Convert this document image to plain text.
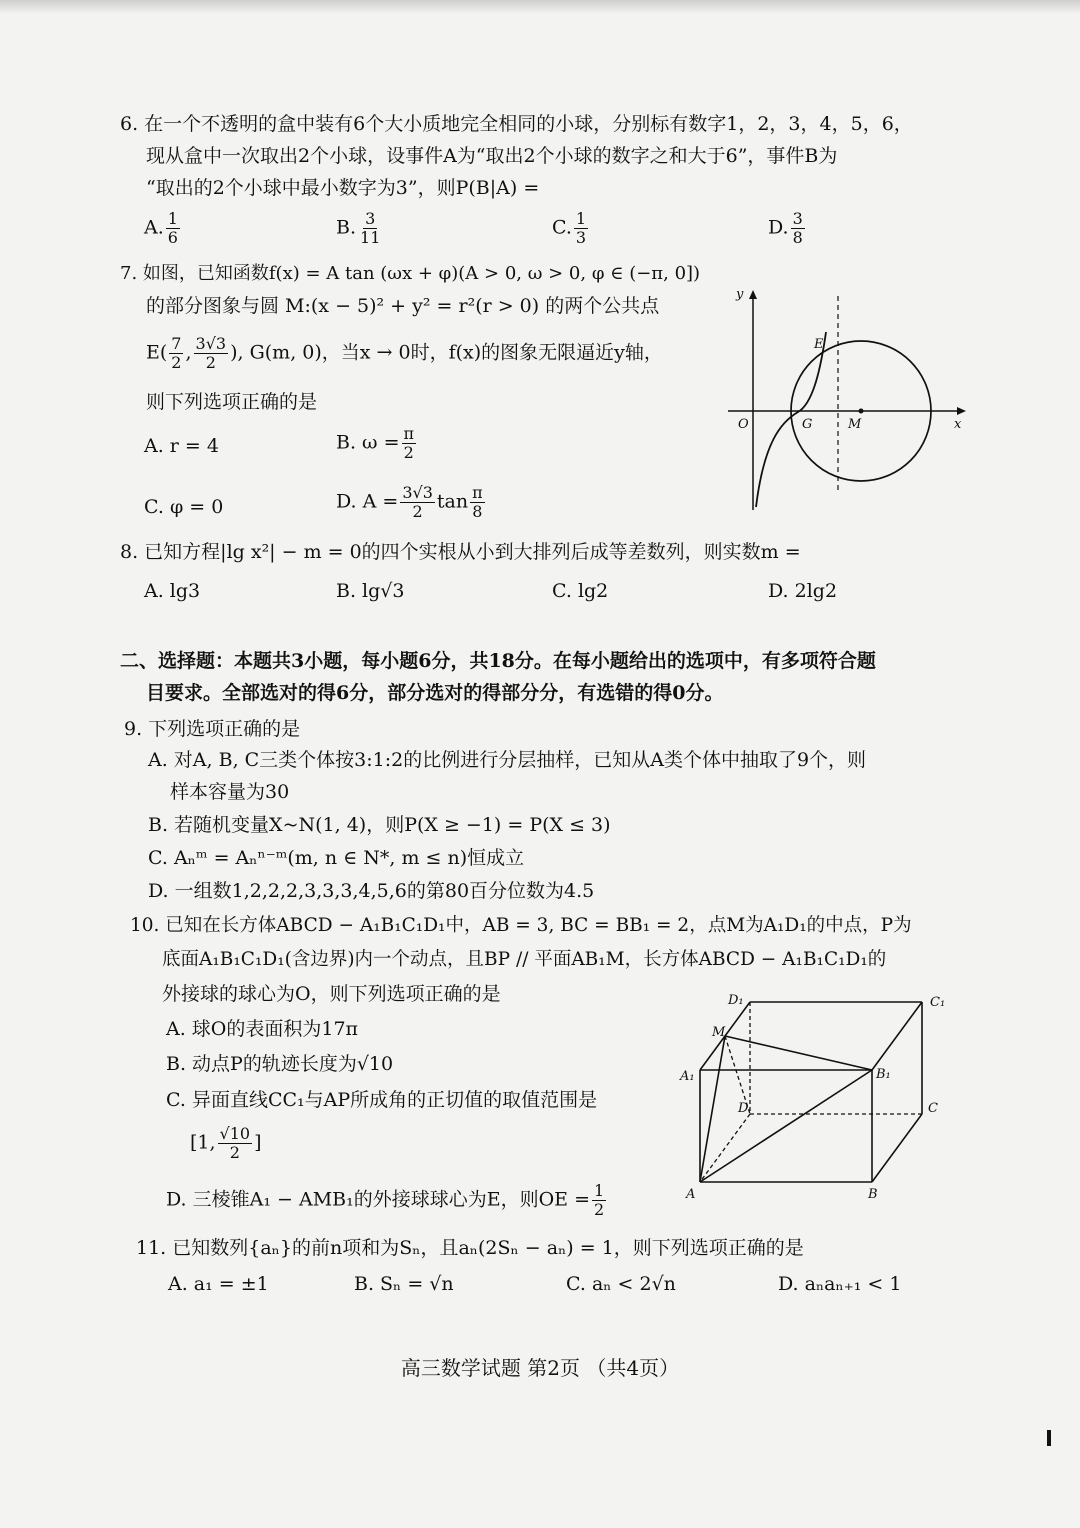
6. 在一个不透明的盒中装有6个大小质地完全相同的小球，分别标有数字1，2，3，4，5，6，
现从盒中一次取出2个小球，设事件A为“取出2个小球的数字之和大于6”，事件B为
“取出的2个小球中最小数字为3”，则P(B|A) =
A. $\frac{1}{6}$	B. $\frac{3}{11}$	C. $\frac{1}{3}$	D. $\frac{3}{8}$
7. 如图，已知函数f(x) = A tan (ωx + φ)(A > 0, ω > 0, φ ∈ (−π, 0])
的部分图象与圆 M:(x − 5)² + y² = r²(r > 0) 的两个公共点
$E( \frac{7}{2}$ , $\frac{3√3}{2}$ ), G(m, 0)，当x → 0时，f(x)的图象无限逼近y轴，
则下列选项正确的是
A. r = 4	B. $\omega = \frac{\pi}{2}$
C. φ = 0	D. $A = \frac{3√3}{2}$ $\tan \frac{\pi}{8}$
y
x
O	G	M
E
8. 已知方程|lg x²| − m = 0的四个实根从小到大排列后成等差数列，则实数m =
A. lg3	B. lg√3	C. lg2	D. 2lg2
二、选择题：本题共3小题，每小题6分，共18分。在每小题给出的选项中，有多项符合题
目要求。全部选对的得6分，部分选对的得部分分，有选错的得0分。
9. 下列选项正确的是
A. 对A, B, C三类个体按3:1:2的比例进行分层抽样，已知从A类个体中抽取了9个，则
样本容量为30
B. 若随机变量X~N(1, 4)，则P(X ≥ −1) = P(X ≤ 3)
C. Aₙᵐ = Aₙⁿ⁻ᵐ(m, n ∈ N*, m ≤ n)恒成立
D. 一组数1,2,2,2,3,3,3,4,5,6的第80百分位数为4.5
10. 已知在长方体ABCD − A₁B₁C₁D₁中，AB = 3, BC = BB₁ = 2，点M为A₁D₁的中点，P为
底面A₁B₁C₁D₁(含边界)内一个动点，且BP // 平面AB₁M，长方体ABCD − A₁B₁C₁D₁的
外接球的球心为O，则下列选项正确的是
A. 球O的表面积为17π
B. 动点P的轨迹长度为√10
C. 异面直线CC₁与AP所成角的正切值的取值范围是
[1, $\frac{√10}{2}$ ]
D. 三棱锥A₁ − AMB₁的外接球球心为E，则OE = $\frac{1}{2}$
D₁	C₁
M
A₁	B₁
D	C
A	B
11. 已知数列{aₙ}的前n项和为Sₙ，且aₙ(2Sₙ − aₙ) = 1，则下列选项正确的是
A. a₁ = ±1	B. Sₙ = √n	C. aₙ < 2√n	D. aₙaₙ₊₁ < 1
高三数学试题 第2页 （共4页）
